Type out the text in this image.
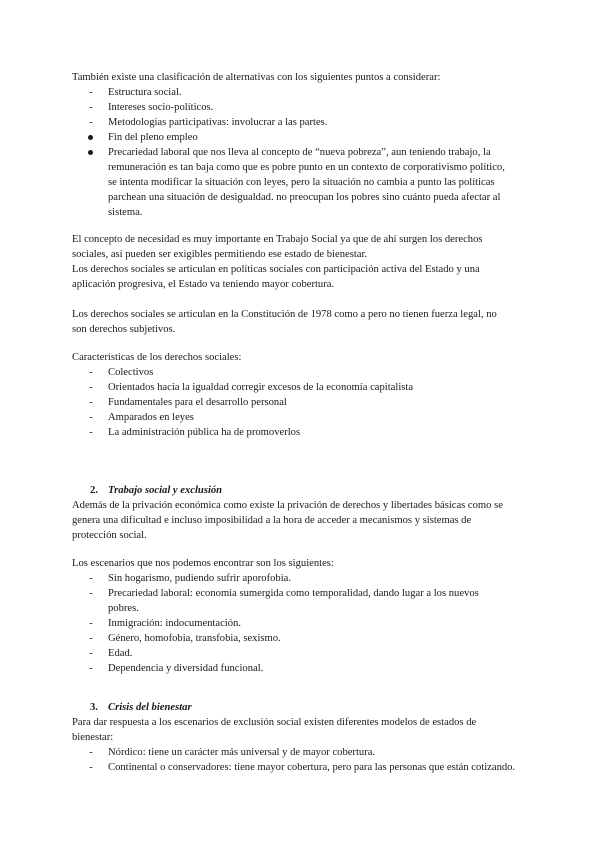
También existe una clasificación de alternativas con los siguientes puntos a considerar:
-	Estructura social.
-	Intereses socio-políticos.
-	Metodologías participativas: involucrar a las partes.
Fin del pleno empleo
Precariedad laboral que nos lleva al concepto de “nueva pobreza”, aun teniendo trabajo, la
remuneración es tan baja como que es pobre punto en un contexto de corporativismo político,
se intenta modificar la situación con leyes, pero la situación no cambia a punto las políticas
parchean una situación de desigualdad. no preocupan los pobres sino cuánto pueda afectar al
sistema.
El concepto de necesidad es muy importante en Trabajo Social ya que de ahí surgen los derechos
sociales, así pueden ser exigibles permitiendo ese estado de bienestar.
Los derechos sociales se articulan en políticas sociales con participación activa del Estado y una
aplicación progresiva, el Estado va teniendo mayor cobertura.
Los derechos sociales se articulan en la Constitución de 1978 como a pero no tienen fuerza legal, no
son derechos subjetivos.
Características de los derechos sociales:
-	Colectivos
-	Orientados hacia la igualdad corregir excesos de la economía capitalista
-	Fundamentales para el desarrollo personal
-	Amparados en leyes
-	La administración pública ha de promoverlos
2. Trabajo social y exclusión
Además de la privación económica como existe la privación de derechos y libertades básicas como se
genera una dificultad e incluso imposibilidad a la hora de acceder a mecanismos y sistemas de
protección social.
Los escenarios que nos podemos encontrar son los siguientes:
-	Sin hogarismo, pudiendo sufrir aporofobia.
-	Precariedad laboral: economía sumergida como temporalidad, dando lugar a los nuevos
pobres.
-	Inmigración: indocumentación.
-	Género, homofobia, transfobia, sexismo.
-	Edad.
-	Dependencia y diversidad funcional.
3. Crisis del bienestar
Para dar respuesta a los escenarios de exclusión social existen diferentes modelos de estados de
bienestar:
-	Nórdico: tiene un carácter más universal y de mayor cobertura.
-	Continental o conservadores: tiene mayor cobertura, pero para las personas que están cotizando.
